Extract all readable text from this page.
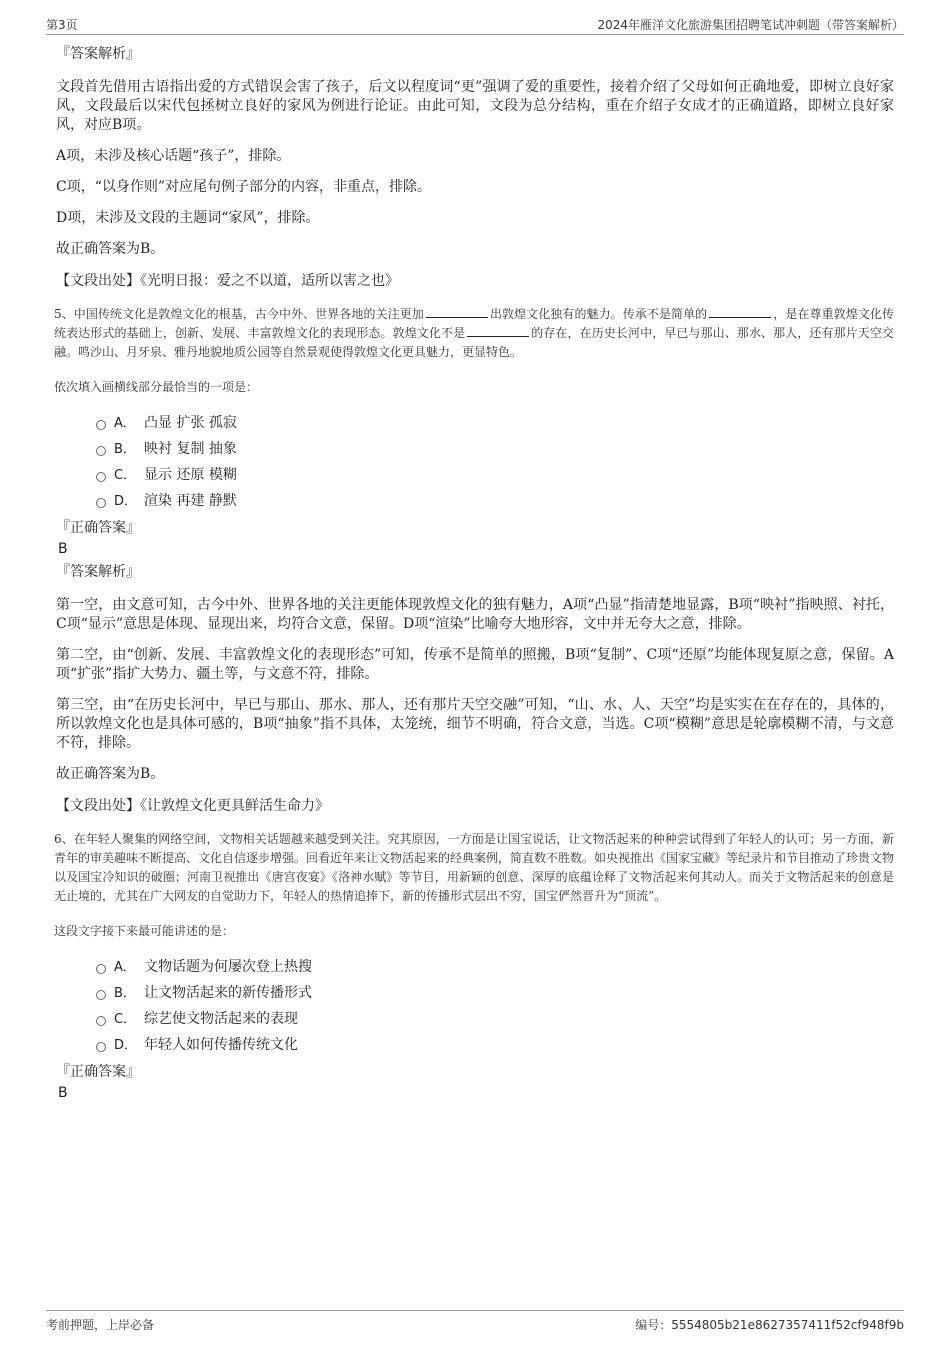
第3页	2024年雁洋文化旅游集团招聘笔试冲刺题（带答案解析）
『答案解析』

文段首先借用古语指出爱的方式错误会害了孩子，后文以程度词“更”强调了爱的重要性，接着介绍了父母如何正确地爱，即树立良好家风，文段最后以宋代包拯树立良好的家风为例进行论证。由此可知，文段为总分结构，重在介绍子女成才的正确道路，即树立良好家风，对应B项。

A项，未涉及核心话题“孩子”，排除。

C项，“以身作则”对应尾句例子部分的内容，非重点，排除。

D项，未涉及文段的主题词“家风”，排除。

故正确答案为B。

【文段出处】《光明日报：爱之不以道，适所以害之也》

5、中国传统文化是敦煌文化的根基，古今中外、世界各地的关注更加	出敦煌文化独有的魅力。传承不是简单的	，是在尊重敦煌文化传统表达形式的基础上，创新、发展、丰富敦煌文化的表现形态。敦煌文化不是	的存在，在历史长河中，早已与那山、那水、那人，还有那片天空交融。鸣沙山、月牙泉、雅丹地貌地质公园等自然景观使得敦煌文化更具魅力，更显特色。

依次填入画横线部分最恰当的一项是：

A． 凸显 扩张 孤寂
B． 映衬 复制 抽象
C． 显示 还原 模糊
D． 渲染 再建 静默
『正确答案』
B
『答案解析』

第一空，由文意可知，古今中外、世界各地的关注更能体现敦煌文化的独有魅力，A项“凸显”指清楚地显露，B项“映衬”指映照、衬托，C项“显示”意思是体现、显现出来，均符合文意，保留。D项“渲染”比喻夸大地形容，文中并无夸大之意，排除。

第二空，由“创新、发展、丰富敦煌文化的表现形态”可知，传承不是简单的照搬，B项“复制”、C项“还原”均能体现复原之意，保留。A项“扩张”指扩大势力、疆土等，与文意不符，排除。

第三空，由“在历史长河中，早已与那山、那水、那人，还有那片天空交融”可知，“山、水、人、天空”均是实实在在存在的，具体的，所以敦煌文化也是具体可感的，B项“抽象”指不具体，太笼统，细节不明确，符合文意，当选。C项“模糊”意思是轮廓模糊不清，与文意不符，排除。

故正确答案为B。

【文段出处】《让敦煌文化更具鲜活生命力》

6、在年轻人聚集的网络空间，文物相关话题越来越受到关注。究其原因，一方面是让国宝说话，让文物活起来的种种尝试得到了年轻人的认可；另一方面，新青年的审美趣味不断提高、文化自信逐步增强。回看近年来让文物活起来的经典案例，简直数不胜数。如央视推出《国家宝藏》等纪录片和节目推动了珍贵文物以及国宝冷知识的破圈；河南卫视推出《唐宫夜宴》《洛神水赋》等节目，用新颖的创意、深厚的底蕴诠释了文物活起来何其动人。而关于文物活起来的创意是无止境的，尤其在广大网友的自觉助力下，年轻人的热情追捧下，新的传播形式层出不穷，国宝俨然晋升为“顶流”。

这段文字接下来最可能讲述的是：

A． 文物话题为何屡次登上热搜
B． 让文物活起来的新传播形式
C． 综艺使文物活起来的表现
D． 年轻人如何传播传统文化
『正确答案』
B
考前押题，上岸必备	编号：5554805b21e8627357411f52cf948f9b
